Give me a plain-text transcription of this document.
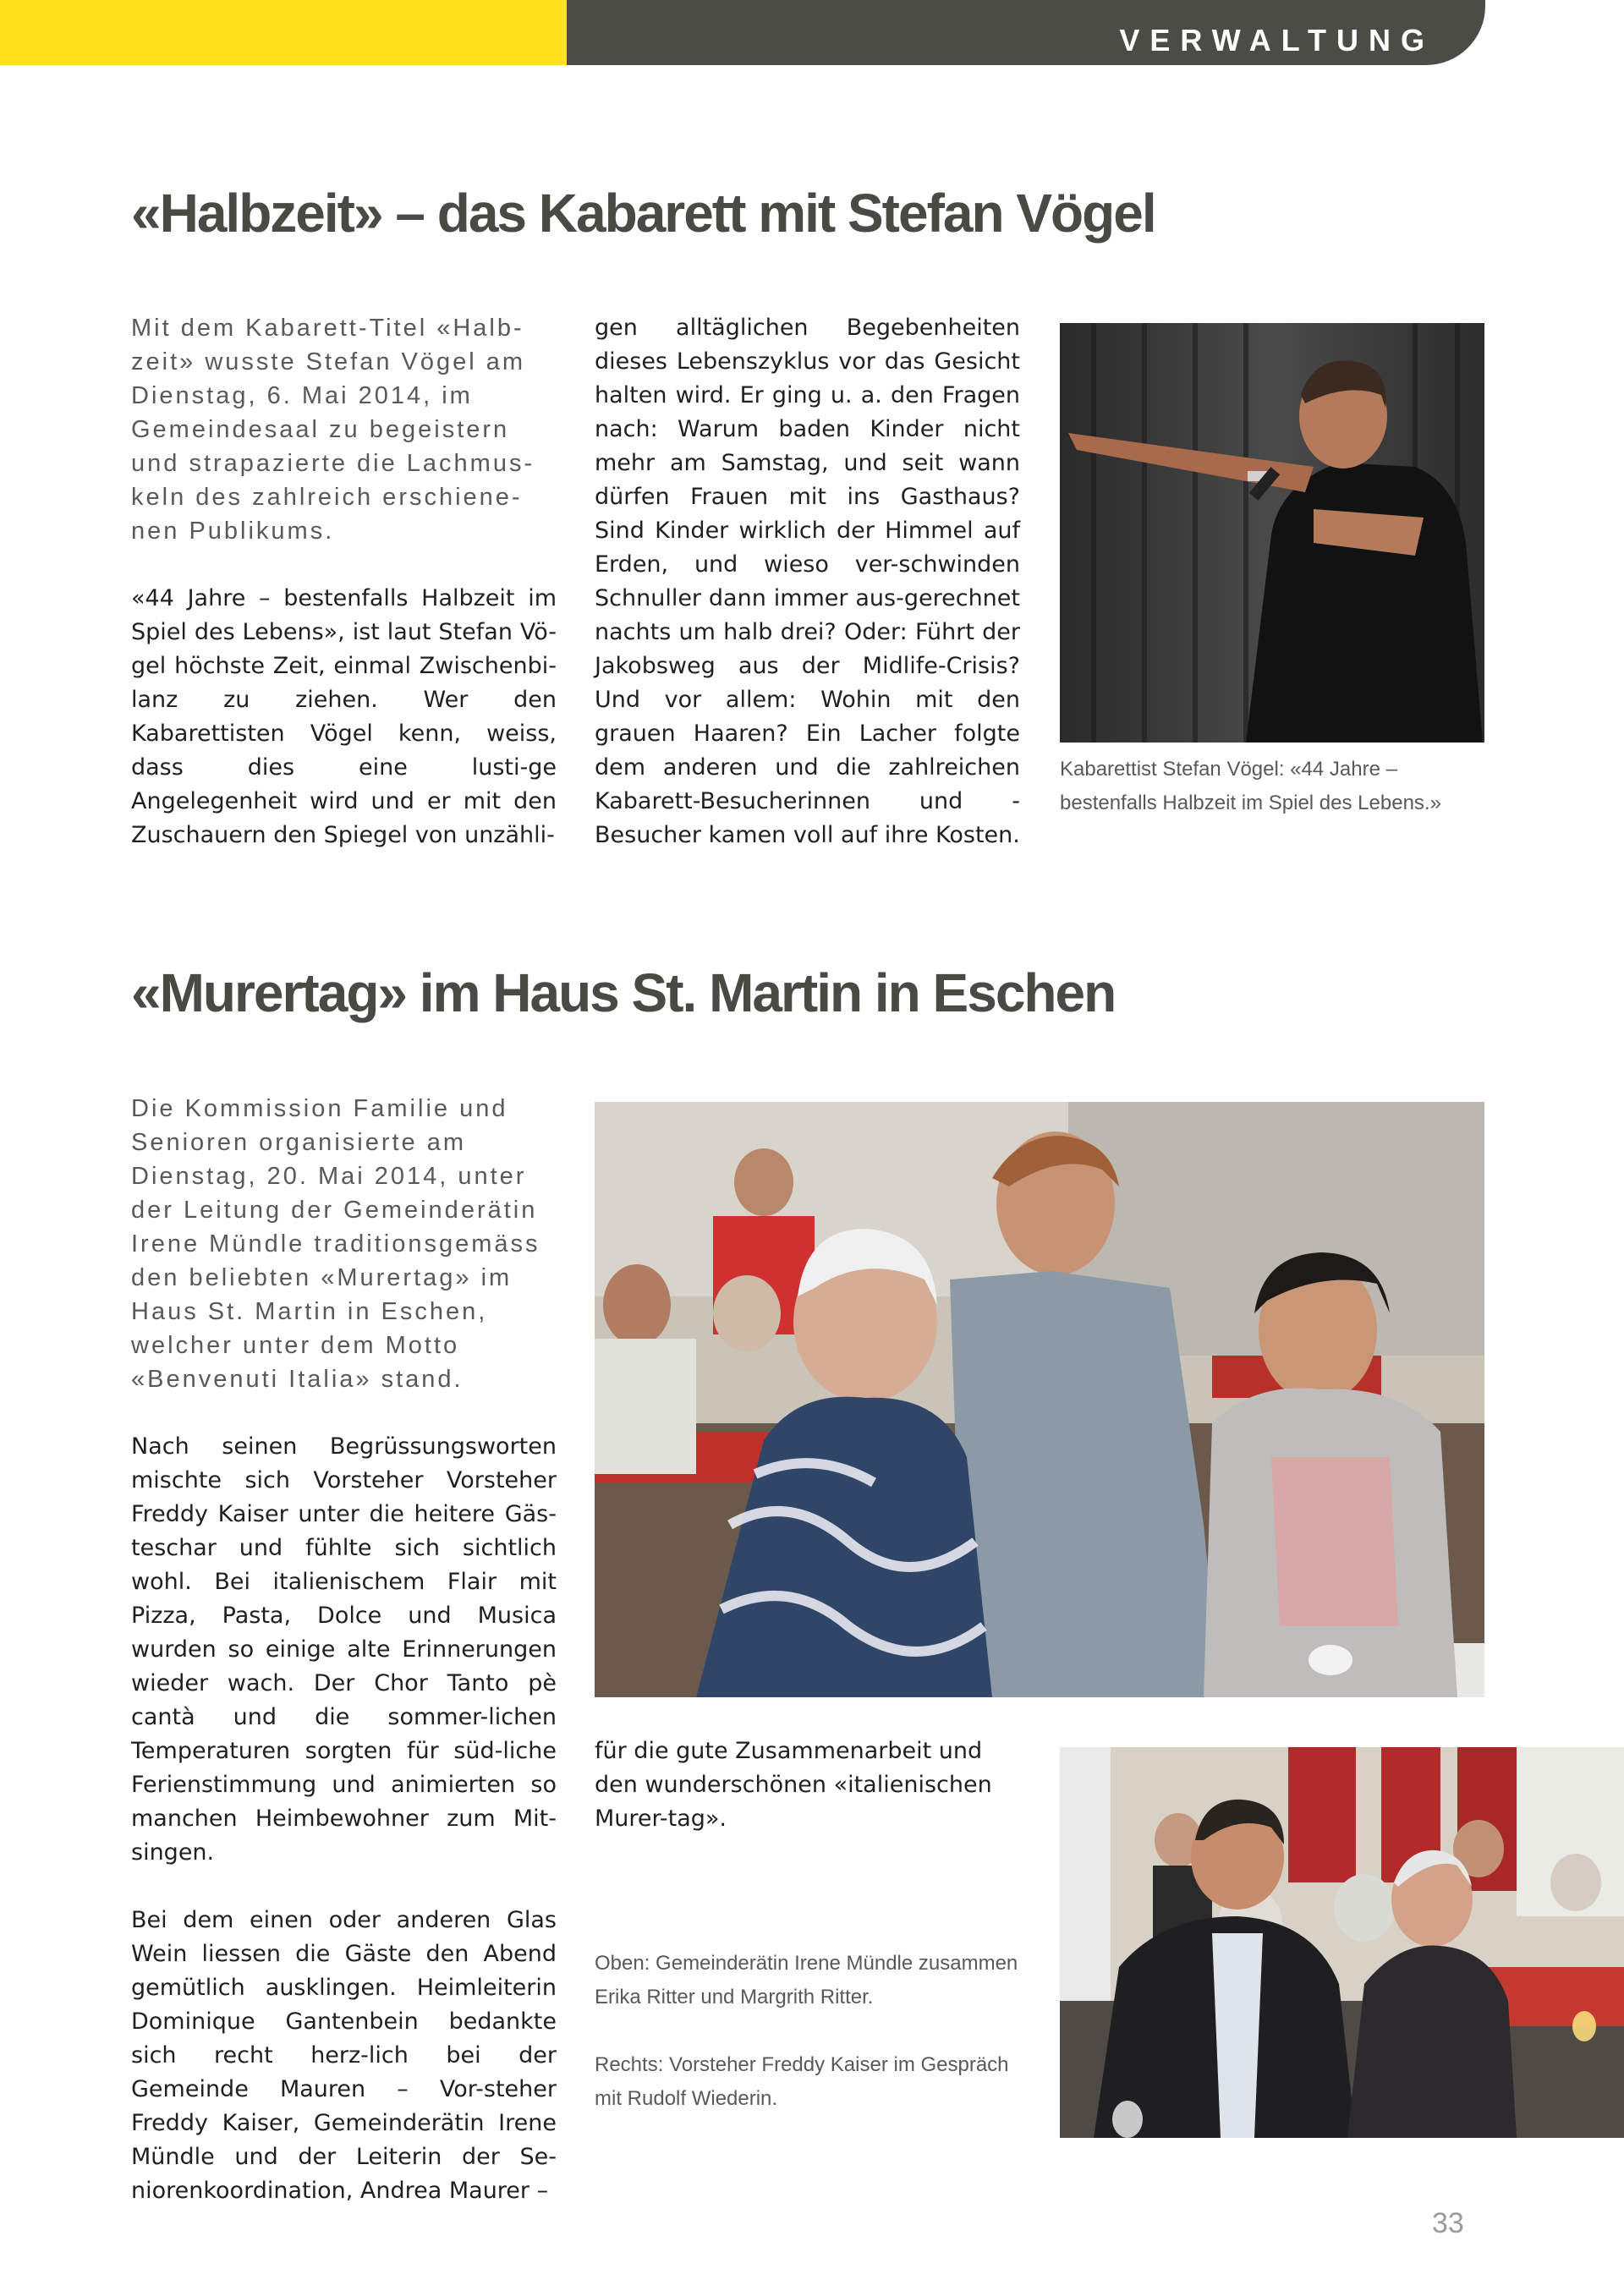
VERWALTUNG
«Halbzeit» – das Kabarett mit Stefan Vögel

Mit dem Kabarett-Titel «Halb-zeit» wusste Stefan Vögel am Dienstag, 6. Mai 2014, im Gemeindesaal zu begeistern und strapazierte die Lachmus-keln des zahlreich erschiene-nen Publikums.

«44 Jahre – bestenfalls Halbzeit im Spiel des Lebens», ist laut Stefan Vö-gel höchste Zeit, einmal Zwischenbi-lanz zu ziehen. Wer den Kabarettisten Vögel kenn, weiss, dass dies eine lusti-ge Angelegenheit wird und er mit den Zuschauern den Spiegel von unzähli-

gen alltäglichen Begebenheiten dieses Lebenszyklus vor das Gesicht halten wird. Er ging u. a. den Fragen nach: Warum baden Kinder nicht mehr am Samstag, und seit wann dürfen Frauen mit ins Gasthaus? Sind Kinder wirklich der Himmel auf Erden, und wieso ver-schwinden Schnuller dann immer aus-gerechnet nachts um halb drei? Oder: Führt der Jakobsweg aus der Midlife-Crisis? Und vor allem: Wohin mit den grauen Haaren? Ein Lacher folgte dem anderen und die zahlreichen Kabarett-Besucherinnen und -Besucher kamen voll auf ihre Kosten.

Kabarettist Stefan Vögel: «44 Jahre – bestenfalls Halbzeit im Spiel des Lebens.»
«Murertag» im Haus St. Martin in Eschen

Die Kommission Familie und Senioren organisierte am Dienstag, 20. Mai 2014, unter der Leitung der Gemeinderätin Irene Mündle traditionsgemäss den beliebten «Murertag» im Haus St. Martin in Eschen, welcher unter dem Motto «Benvenuti Italia» stand.

Nach seinen Begrüssungsworten mischte sich Vorsteher Vorsteher Freddy Kaiser unter die heitere Gäs-teschar und fühlte sich sichtlich wohl. Bei italienischem Flair mit Pizza, Pasta, Dolce und Musica wurden so einige alte Erinnerungen wieder wach. Der Chor Tanto pè cantà und die sommer-lichen Temperaturen sorgten für süd-liche Ferienstimmung und animierten so manchen Heimbewohner zum Mit-singen.

Bei dem einen oder anderen Glas Wein liessen die Gäste den Abend gemütlich ausklingen. Heimleiterin Dominique Gantenbein bedankte sich recht herz-lich bei der Gemeinde Mauren – Vor-steher Freddy Kaiser, Gemeinderätin Irene Mündle und der Leiterin der Se-niorenkoordination, Andrea Maurer –

für die gute Zusammenarbeit und den wunderschönen «italienischen Murer-tag».

Oben: Gemeinderätin Irene Mündle zusammen Erika Ritter und Margrith Ritter.

Rechts: Vorsteher Freddy Kaiser im Gespräch mit Rudolf Wiederin.

33
